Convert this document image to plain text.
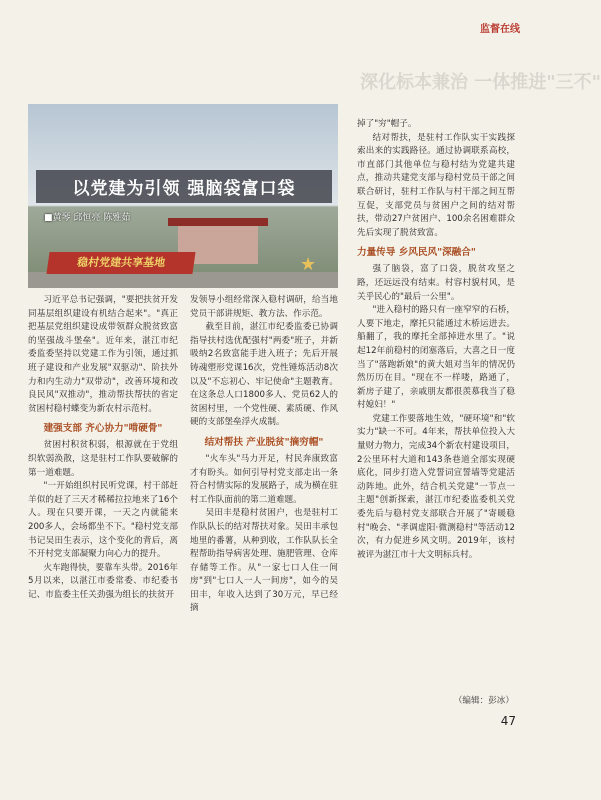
深化标本兼治 一体推进"三不"
监督在线
以党建为引领 强脑袋富口袋
■黄琴 邱恒亮 陈雅茹
稳村党建共享基地	★

习近平总书记强调，"要把扶贫开发同基层组织建设有机结合起来"。"真正把基层党组织建设成带领群众脱贫致富的坚强战斗堡垒"。近年来，湛江市纪委监委坚持以党建工作为引领，通过抓班子建设和产业发展"双驱动"、阶扶外力和内生动力"双带动"，改善环境和改良民风"双推动"，推动帮扶帮扶的省定贫困村稳村蝶变为新农村示范村。

建强支部 齐心协力"啃硬骨"

贫困村积贫积弱，根源就在于党组织软弱涣散，这是驻村工作队要破解的第一道难题。

"一开始组织村民听党课，村干部赶羊似的赶了三天才稀稀拉拉地来了16个人。现在只要开课，一天之内就能来200多人，会场都坐不下。"稳村党支部书记吴田生表示，这个变化的背后，离不开村党支部凝聚力向心力的提升。

火车跑得快，要靠车头带。2016年5月以来，以湛江市委常委、市纪委书记、市监委主任关劲强为组长的扶贫开

发领导小组经常深入稳村调研，给当地党员干部讲规矩、教方法、作示范。

截至目前，湛江市纪委监委已协调指导扶村选优配强村"两委"班子，并新吸纳2名致富能手进入班子；先后开展铸魂塑形党课16次，党性锤炼活动8次以及"不忘初心、牢记使命"主题教育。在这条总人口1800多人、党员62人的贫困村里，一个党性硬、素质硬、作风硬的支部堡垒浮火成制。

结对帮扶 产业脱贫"摘穷帽"

"火车头"马力开足，村民奔康致富才有盼头。如何引导村党支部走出一条符合村情实际的发展路子，成为横在驻村工作队面前的第二道难题。

吴田丰是稳村贫困户，也是驻村工作队队长的结对帮扶对象。吴田丰承包地里的番薯，从种到收，工作队队长全程帮助指导病害处理、施肥管理、仓库存储等工作。从"一家七口人住一间房"到"七口人一人一间房"，如今的吴田丰，年收入达到了30万元，早已经摘

掉了"穷"帽子。

结对帮扶，是驻村工作队实干实践探索出来的实践路径。通过协调联系高校，市直部门其他单位与稳村结为党建共建点，推动共建党支部与稳村党员干部之间联合研讨，驻村工作队与村干部之间互帮互促，支部党员与贫困户之间的结对帮扶，带动27户贫困户、100余名困难群众先后实现了脱贫致富。

力量传导 乡风民风"深融合"

强了脑袋，富了口袋，脱贫攻坚之路，还远远没有结束。村容村貌村风，是关乎民心的"最后一公里"。

"进入稳村的路只有一座窄窄的石桥，人要下地走，摩托只能通过木桥运进去。船翻了，我的摩托全部掉进水里了。"说起12年前稳村的闭塞落后，大喜之日一度当了"落跑新娘"的黄大姐对当年的情况仍然历历在目。"现在不一样喽，路通了，新房子建了，亲戚朋友都很羡慕我当了稳村媳妇！"

党建工作要落地生效，"硬环境"和"软实力"缺一不可。4年来，帮扶单位投入大量财力物力，完成34个新农村建设项目，2公里环村大道和143条巷道全部实现硬底化，同步打造入党誓词宣誓墙等党建活动阵地。此外，结合机关党建"一节点一主题"创新探索，湛江市纪委监委机关党委先后与稳村党支部联合开展了"寄暖稳村"晚会、"孝调虚阳·微测稳村"等活动12次，有力促进乡风文明。2019年，该村被评为湛江市十大文明标兵村。

（编辑：彭冰）
47
